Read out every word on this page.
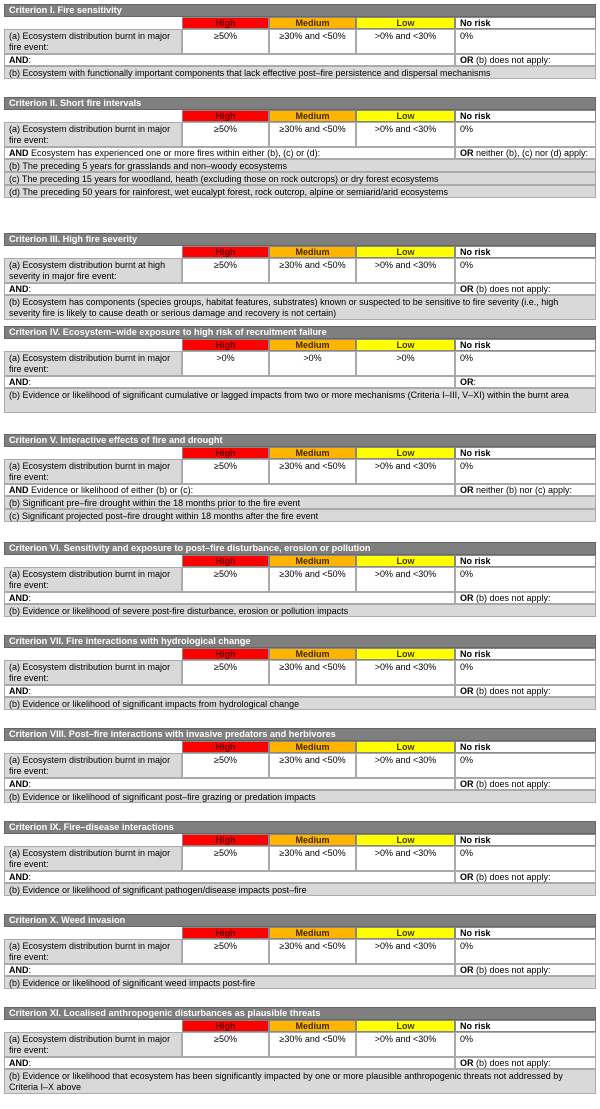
Criterion I. Fire sensitivity
High	Medium	Low	No risk
(a) Ecosystem distribution burnt in major fire event:
≥50%	≥30% and <50%	>0% and <30%	0%
AND:	OR (b) does not apply:
(b) Ecosystem with functionally important components that lack effective post–fire persistence and dispersal mechanisms
Criterion II. Short fire intervals
High	Medium	Low	No risk
(a) Ecosystem distribution burnt in major fire event:
≥50%	≥30% and <50%	>0% and <30%	0%
AND Ecosystem has experienced one or more fires within either (b), (c) or (d):	OR neither (b), (c) nor (d) apply:
(b) The preceding 5 years for grasslands and non–woody ecosystems
(c) The preceding 15 years for woodland, heath (excluding those on rock outcrops) or dry forest ecosystems
(d) The preceding 50 years for rainforest, wet eucalypt forest, rock outcrop, alpine or semiarid/arid ecosystems
Criterion III. High fire severity
High	Medium	Low	No risk
(a) Ecosystem distribution burnt at high severity in major fire event:
≥50%	≥30% and <50%	>0% and <30%	0%
AND:	OR (b) does not apply:
(b) Ecosystem has components (species groups, habitat features, substrates) known or suspected to be sensitive to fire severity (i.e., high severity fire is likely to cause death or serious damage and recovery is not certain)
Criterion IV. Ecosystem–wide exposure to high risk of recruitment failure
High	Medium	Low	No risk
(a) Ecosystem distribution burnt in major fire event:
>0%	>0%	>0%	0%
AND:	OR:
(b) Evidence or likelihood of significant cumulative or lagged impacts from two or more mechanisms (Criteria I–III, V–XI) within the burnt area
Criterion V. Interactive effects of fire and drought
High	Medium	Low	No risk
(a) Ecosystem distribution burnt in major fire event:
≥50%	≥30% and <50%	>0% and <30%	0%
AND Evidence or likelihood of either (b) or (c):	OR neither (b) nor (c) apply:
(b) Significant pre–fire drought within the 18 months prior to the fire event
(c) Significant projected post–fire drought within 18 months after the fire event
Criterion VI. Sensitivity and exposure to post–fire disturbance, erosion or pollution
High	Medium	Low	No risk
(a) Ecosystem distribution burnt in major fire event:
≥50%	≥30% and <50%	>0% and <30%	0%
AND:	OR (b) does not apply:
(b) Evidence or likelihood of severe post-fire disturbance, erosion or pollution impacts
Criterion VII. Fire interactions with hydrological change
High	Medium	Low	No risk
(a) Ecosystem distribution burnt in major fire event:
≥50%	≥30% and <50%	>0% and <30%	0%
AND:	OR (b) does not apply:
(b) Evidence or likelihood of significant impacts from hydrological change
Criterion VIII. Post–fire interactions with invasive predators and herbivores
High	Medium	Low	No risk
(a) Ecosystem distribution burnt in major fire event:
≥50%	≥30% and <50%	>0% and <30%	0%
AND:	OR (b) does not apply:
(b) Evidence or likelihood of significant post–fire grazing or predation impacts
Criterion IX. Fire–disease interactions
High	Medium	Low	No risk
(a) Ecosystem distribution burnt in major fire event:
≥50%	≥30% and <50%	>0% and <30%	0%
AND:	OR (b) does not apply:
(b) Evidence or likelihood of significant pathogen/disease impacts post–fire
Criterion X. Weed invasion
High	Medium	Low	No risk
(a) Ecosystem distribution burnt in major fire event:
≥50%	≥30% and <50%	>0% and <30%	0%
AND:	OR (b) does not apply:
(b) Evidence or likelihood of significant weed impacts post-fire
Criterion XI. Localised anthropogenic disturbances as plausible threats
High	Medium	Low	No risk
(a) Ecosystem distribution burnt in major fire event:
≥50%	≥30% and <50%	>0% and <30%	0%
AND:	OR (b) does not apply:
(b) Evidence or likelihood that ecosystem has been significantly impacted by one or more plausible anthropogenic threats not addressed by Criteria I–X above
